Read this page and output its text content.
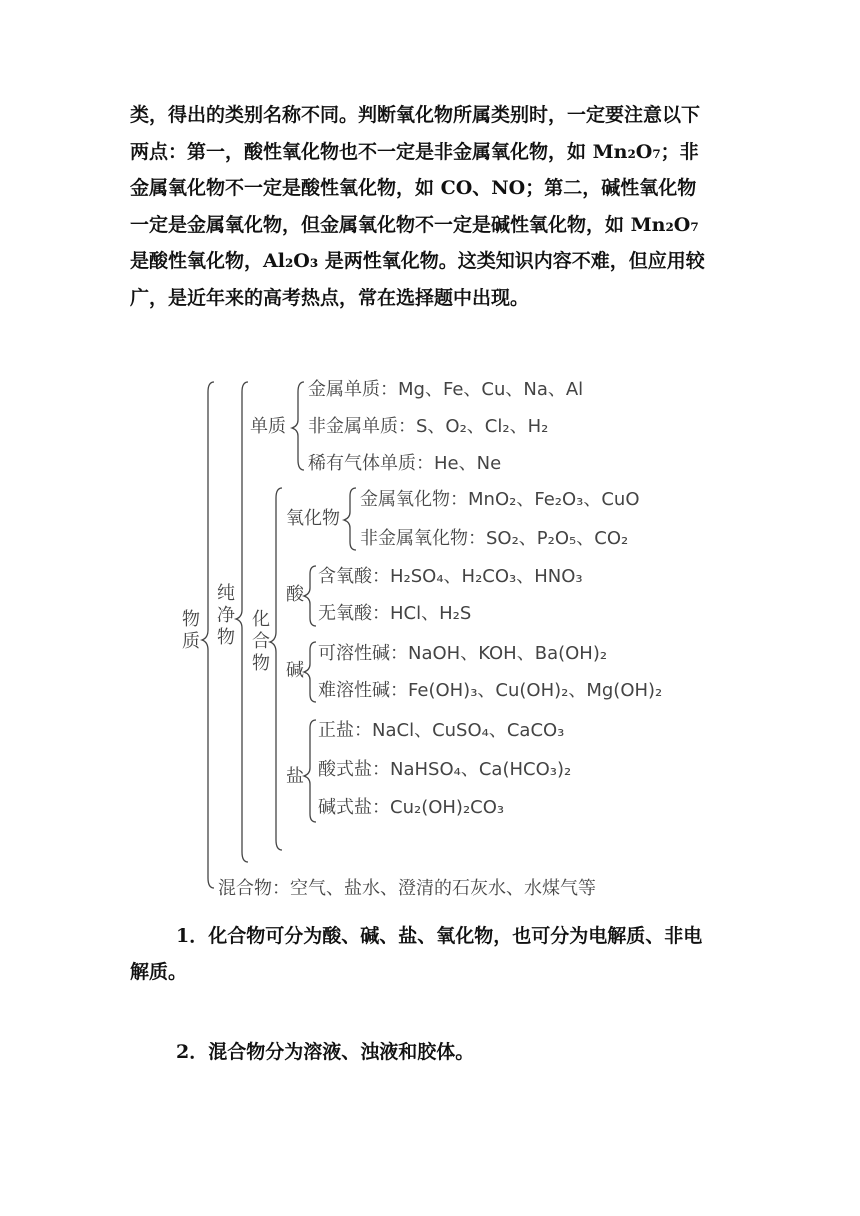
类，得出的类别名称不同。判断氧化物所属类别时，一定要注意以下
两点：第一，酸性氧化物也不一定是非金属氧化物，如 Mn₂O₇；非
金属氧化物不一定是酸性氧化物，如 CO、NO；第二，碱性氧化物
一定是金属氧化物，但金属氧化物不一定是碱性氧化物，如 Mn₂O₇
是酸性氧化物，Al₂O₃ 是两性氧化物。这类知识内容不难，但应用较
广，是近年来的高考热点，常在选择题中出现。
物质
纯净物
化合物
单质
金属单质：Mg、Fe、Cu、Na、Al
非金属单质：S、O₂、Cl₂、H₂
稀有气体单质：He、Ne
氧化物
金属氧化物：MnO₂、Fe₂O₃、CuO
非金属氧化物：SO₂、P₂O₅、CO₂
酸
含氧酸：H₂SO₄、H₂CO₃、HNO₃
无氧酸：HCl、H₂S
碱
可溶性碱：NaOH、KOH、Ba(OH)₂
难溶性碱：Fe(OH)₃、Cu(OH)₂、Mg(OH)₂
盐
正盐：NaCl、CuSO₄、CaCO₃
酸式盐：NaHSO₄、Ca(HCO₃)₂
碱式盐：Cu₂(OH)₂CO₃
混合物：空气、盐水、澄清的石灰水、水煤气等
1．化合物可分为酸、碱、盐、氧化物，也可分为电解质、非电
解质。
2．混合物分为溶液、浊液和胶体。
